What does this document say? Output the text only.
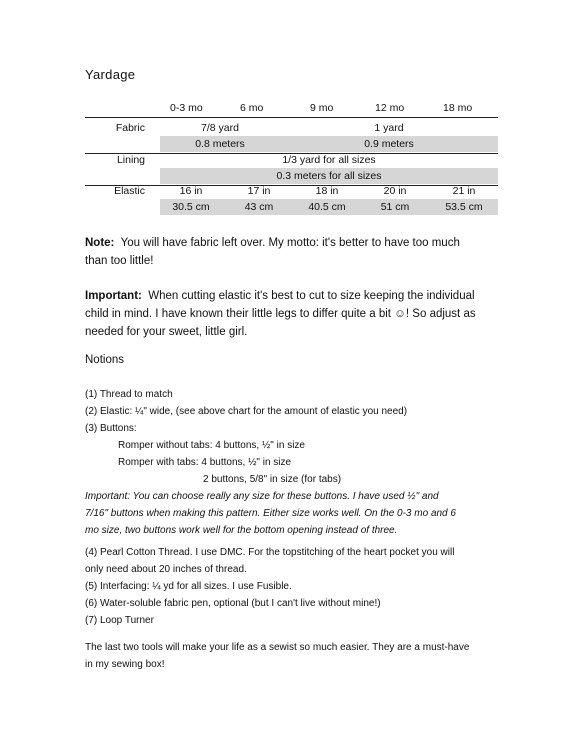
Yardage
0-3 mo	6 mo	9 mo	12 mo	18 mo
Fabric	7/8 yard	1 yard
0.8 meters	0.9 meters
Lining	1/3 yard for all sizes
0.3 meters for all sizes
Elastic	16 in	17 in	18 in	20 in	21 in
30.5 cm	43 cm	40.5 cm	51 cm	53.5 cm
Note: You will have fabric left over. My motto: it's better to have too much
than too little!
Important: When cutting elastic it's best to cut to size keeping the individual
child in mind. I have known their little legs to differ quite a bit ☺! So adjust as
needed for your sweet, little girl.
Notions
(1) Thread to match
(2) Elastic: ¼" wide, (see above chart for the amount of elastic you need)
(3) Buttons:
Romper without tabs: 4 buttons, ½" in size
Romper with tabs: 4 buttons, ½" in size
2 buttons, 5/8" in size (for tabs)
Important: You can choose really any size for these buttons. I have used ½" and
7/16" buttons when making this pattern. Either size works well. On the 0-3 mo and 6
mo size, two buttons work well for the bottom opening instead of three.
(4) Pearl Cotton Thread. I use DMC. For the topstitching of the heart pocket you will
only need about 20 inches of thread.
(5) Interfacing: ¼ yd for all sizes. I use Fusible.
(6) Water-soluble fabric pen, optional (but I can't live without mine!)
(7) Loop Turner
The last two tools will make your life as a sewist so much easier. They are a must-have
in my sewing box!
